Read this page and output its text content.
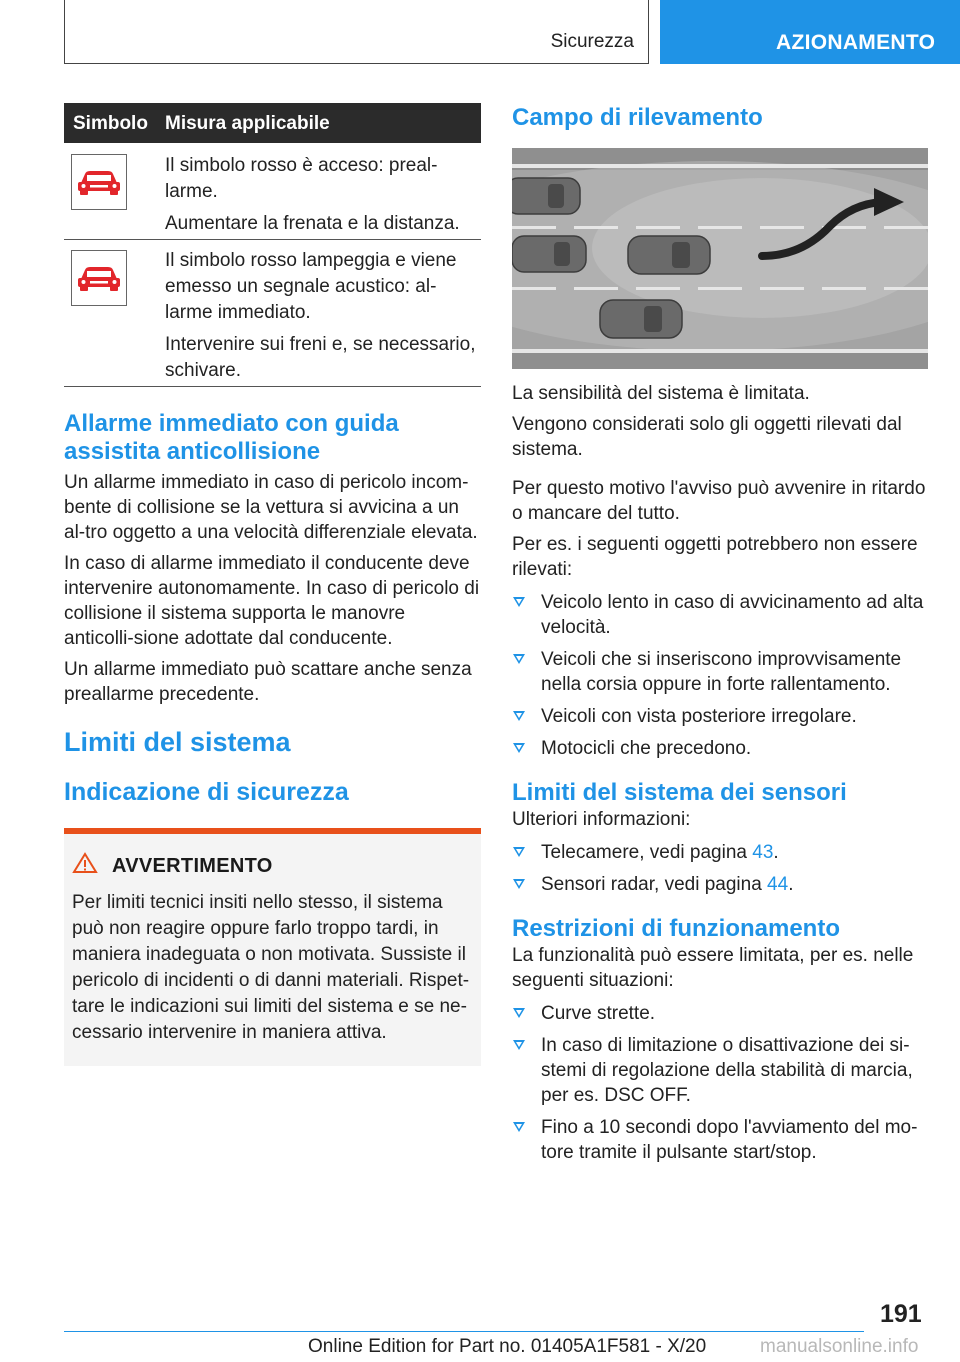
Sicurezza	AZIONAMENTO
Simbolo Misura applicabile

Il simbolo rosso è acceso: preal-larme.

Aumentare la frenata e la distanza.

Il simbolo rosso lampeggia e viene emesso un segnale acustico: al-larme immediato.

Intervenire sui freni e, se necessario, schivare.

Allarme immediato con guida assistita anticollisione

Un allarme immediato in caso di pericolo incom-bente di collisione se la vettura si avvicina a un al-tro oggetto a una velocità differenziale elevata.

In caso di allarme immediato il conducente deve intervenire autonomamente. In caso di pericolo di collisione il sistema supporta le manovre anticolli-sione adottate dal conducente.

Un allarme immediato può scattare anche senza preallarme precedente.

Limiti del sistema
Indicazione di sicurezza
AVVERTIMENTO
Per limiti tecnici insiti nello stesso, il sistema può non reagire oppure farlo troppo tardi, in maniera inadeguata o non motivata. Sussiste il pericolo di incidenti o di danni materiali. Rispet-tare le indicazioni sui limiti del sistema e se ne-cessario intervenire in maniera attiva.
Campo di rilevamento

La sensibilità del sistema è limitata.

Vengono considerati solo gli oggetti rilevati dal sistema.

Per questo motivo l'avviso può avvenire in ritardo o mancare del tutto.

Per es. i seguenti oggetti potrebbero non essere rilevati:

Veicolo lento in caso di avvicinamento ad alta velocità.
Veicoli che si inseriscono improvvisamente nella corsia oppure in forte rallentamento.
Veicoli con vista posteriore irregolare.
Motocicli che precedono.
Limiti del sistema dei sensori

Ulteriori informazioni:

Telecamere, vedi pagina 43.
Sensori radar, vedi pagina 44.
Restrizioni di funzionamento

La funzionalità può essere limitata, per es. nelle seguenti situazioni:

Curve strette.
In caso di limitazione o disattivazione dei si-stemi di regolazione della stabilità di marcia, per es. DSC OFF.
Fino a 10 secondi dopo l'avviamento del mo-tore tramite il pulsante start/stop.
191
Online Edition for Part no. 01405A1F581 - X/20	manualsonline.info
